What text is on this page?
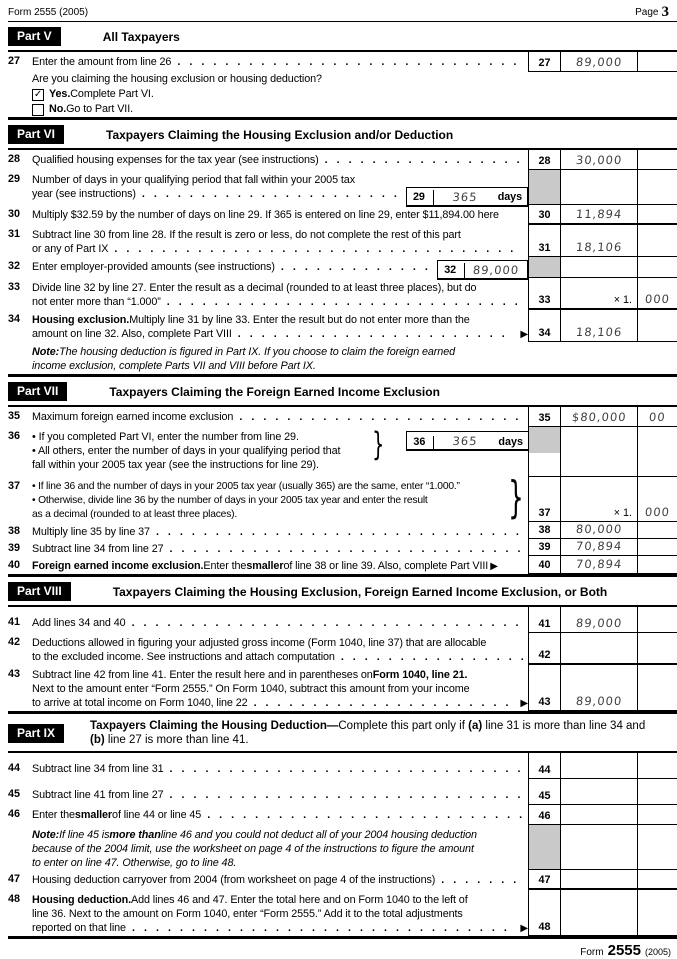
Form 2555 (2005)	Page 3
Part V	All Taxpayers
27	Enter the amount from line 26 . .	27	89,000
Are you claiming the housing exclusion or housing deduction?
✓ Yes. Complete Part VI.
No. Go to Part VII.
Part VI	Taxpayers Claiming the Housing Exclusion and/or Deduction
28	Qualified housing expenses for the tax year (see instructions) . .	28	30,000
29	Number of days in your qualifying period that fall within your 2005 tax
year (see instructions) . .	29	365	days
30	Multiply $32.59 by the number of days on line 29. If 365 is entered on line 29, enter $11,894.00 here	30	11,894
31	Subtract line 30 from line 28. If the result is zero or less, do not complete the rest of this part
or any of Part IX . .	31	18,106
32	Enter employer-provided amounts (see instructions) . .	32	89,000
33	Divide line 32 by line 27. Enter the result as a decimal (rounded to at least three places), but do
not enter more than “1.000” . .	33	× 1. 000
34	Housing exclusion. Multiply line 31 by line 33. Enter the result but do not enter more than the
amount on line 32. Also, complete Part VIII . .	▶ 34	18,106
Note: The housing deduction is figured in Part IX. If you choose to claim the foreign earned
income exclusion, complete Parts VII and VIII before Part IX.
Part VII	Taxpayers Claiming the Foreign Earned Income Exclusion
35	Maximum foreign earned income exclusion . .	35	$80,000 00
36	• If you completed Part VI, enter the number from line 29.
• All others, enter the number of days in your qualifying period that
fall within your 2005 tax year (see the instructions for line 29).
36	365	days
}
37	• If line 36 and the number of days in your 2005 tax year (usually 365) are the same, enter “1.000.”
• Otherwise, divide line 36 by the number of days in your 2005 tax year and enter the result
as a decimal (rounded to at least three places).	}	37	× 1. 000
38	Multiply line 35 by line 37 . .	38	80,000
39	Subtract line 34 from line 27 . .	39	70,894
40	Foreign earned income exclusion. Enter the smaller of line 38 or line 39. Also, complete Part VIII ▶	40	70,894
Part VIII	Taxpayers Claiming the Housing Exclusion, Foreign Earned Income Exclusion, or Both
41	Add lines 34 and 40 . .	41	89,000
42	Deductions allowed in figuring your adjusted gross income (Form 1040, line 37) that are allocable
to the excluded income. See instructions and attach computation . .	42
43	Subtract line 42 from line 41. Enter the result here and in parentheses on Form 1040, line 21.
Next to the amount enter “Form 2555.” On Form 1040, subtract this amount from your income
to arrive at total income on Form 1040, line 22 . .	▶ 43	89,000
Part IX	Taxpayers Claiming the Housing Deduction—Complete this part only if (a) line 31 is more than line 34 and (b) line 27 is more than line 41.
44	Subtract line 34 from line 31 . .	44
45	Subtract line 41 from line 27 . .	45
46	Enter the smaller of line 44 or line 45 . .	46
Note: If line 45 is more than line 46 and you could not deduct all of your 2004 housing deduction
because of the 2004 limit, use the worksheet on page 4 of the instructions to figure the amount
to enter on line 47. Otherwise, go to line 48.
47	Housing deduction carryover from 2004 (from worksheet on page 4 of the instructions) . .	47
48	Housing deduction. Add lines 46 and 47. Enter the total here and on Form 1040 to the left of
line 36. Next to the amount on Form 1040, enter “Form 2555.” Add it to the total adjustments
reported on that line . .	▶ 48
Form 2555 (2005)
